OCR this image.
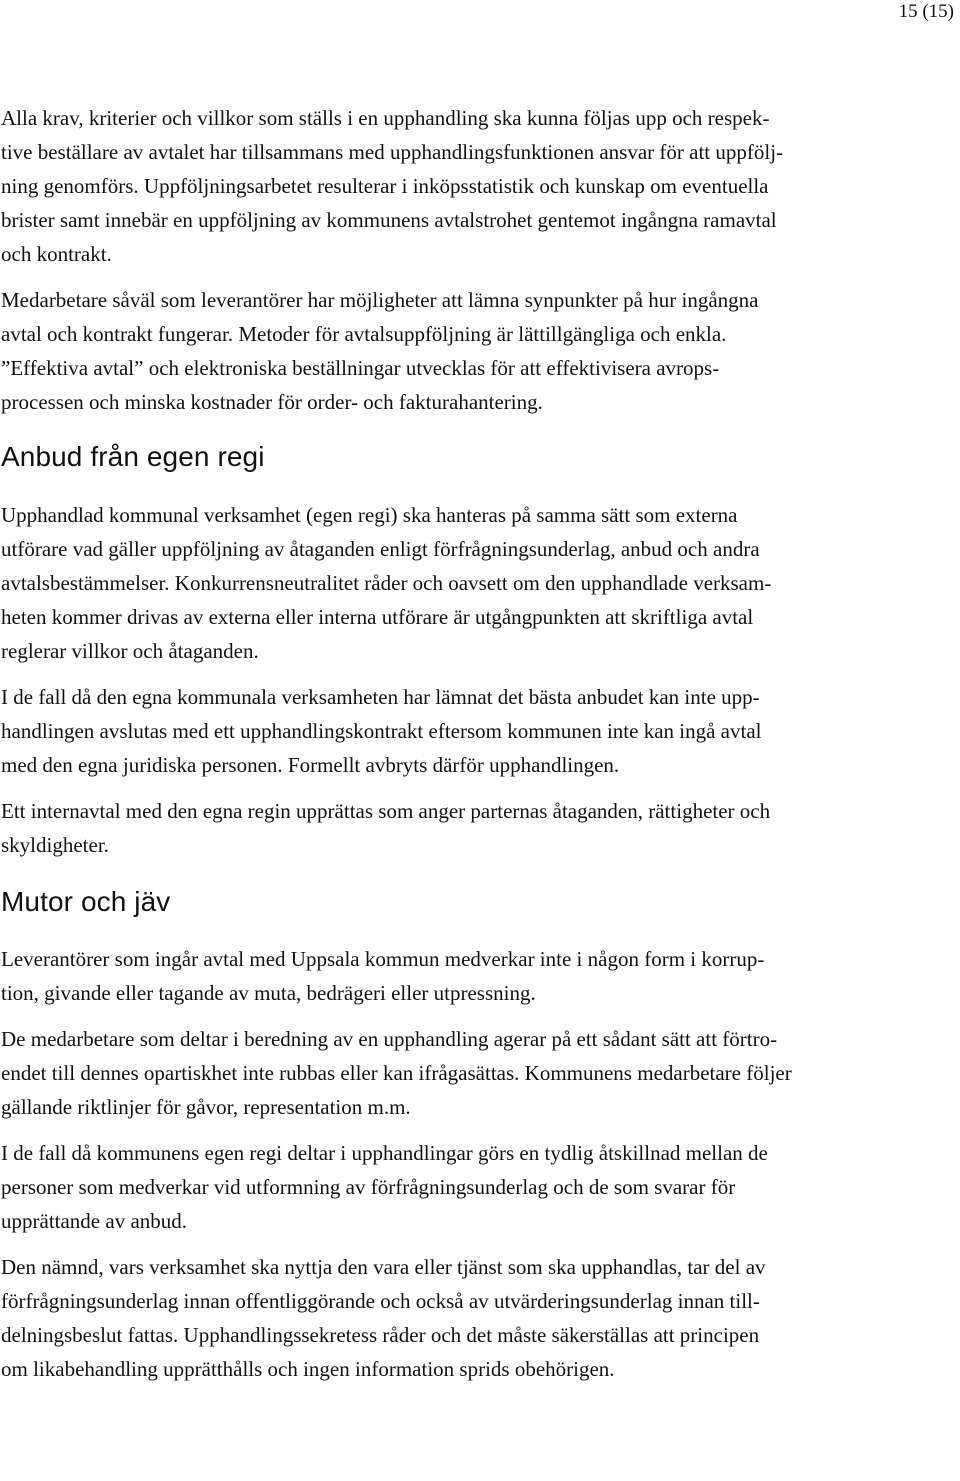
15 (15)

Alla krav, kriterier och villkor som ställs i en upphandling ska kunna följas upp och respek-
tive beställare av avtalet har tillsammans med upphandlingsfunktionen ansvar för att uppfölj-
ning genomförs. Uppföljningsarbetet resulterar i inköpsstatistik och kunskap om eventuella
brister samt innebär en uppföljning av kommunens avtalstrohet gentemot ingångna ramavtal
och kontrakt.

Medarbetare såväl som leverantörer har möjligheter att lämna synpunkter på hur ingångna
avtal och kontrakt fungerar. Metoder för avtalsuppföljning är lättillgängliga och enkla.

”Effektiva avtal” och elektroniska beställningar utvecklas för att effektivisera avrops-
processen och minska kostnader för order- och fakturahantering.

Anbud från egen regi

Upphandlad kommunal verksamhet (egen regi) ska hanteras på samma sätt som externa
utförare vad gäller uppföljning av åtaganden enligt förfrågningsunderlag, anbud och andra
avtalsbestämmelser. Konkurrensneutralitet råder och oavsett om den upphandlade verksam-
heten kommer drivas av externa eller interna utförare är utgångpunkten att skriftliga avtal
reglerar villkor och åtaganden.

I de fall då den egna kommunala verksamheten har lämnat det bästa anbudet kan inte upp-
handlingen avslutas med ett upphandlingskontrakt eftersom kommunen inte kan ingå avtal
med den egna juridiska personen. Formellt avbryts därför upphandlingen.

Ett internavtal med den egna regin upprättas som anger parternas åtaganden, rättigheter och
skyldigheter.

Mutor och jäv

Leverantörer som ingår avtal med Uppsala kommun medverkar inte i någon form i korrup-
tion, givande eller tagande av muta, bedrägeri eller utpressning.

De medarbetare som deltar i beredning av en upphandling agerar på ett sådant sätt att förtro-
endet till dennes opartiskhet inte rubbas eller kan ifrågasättas. Kommunens medarbetare följer
gällande riktlinjer för gåvor, representation m.m.

I de fall då kommunens egen regi deltar i upphandlingar görs en tydlig åtskillnad mellan de
personer som medverkar vid utformning av förfrågningsunderlag och de som svarar för
upprättande av anbud.

Den nämnd, vars verksamhet ska nyttja den vara eller tjänst som ska upphandlas, tar del av
förfrågningsunderlag innan offentliggörande och också av utvärderingsunderlag innan till-
delningsbeslut fattas. Upphandlingssekretess råder och det måste säkerställas att principen
om likabehandling upprätthålls och ingen information sprids obehörigen.
